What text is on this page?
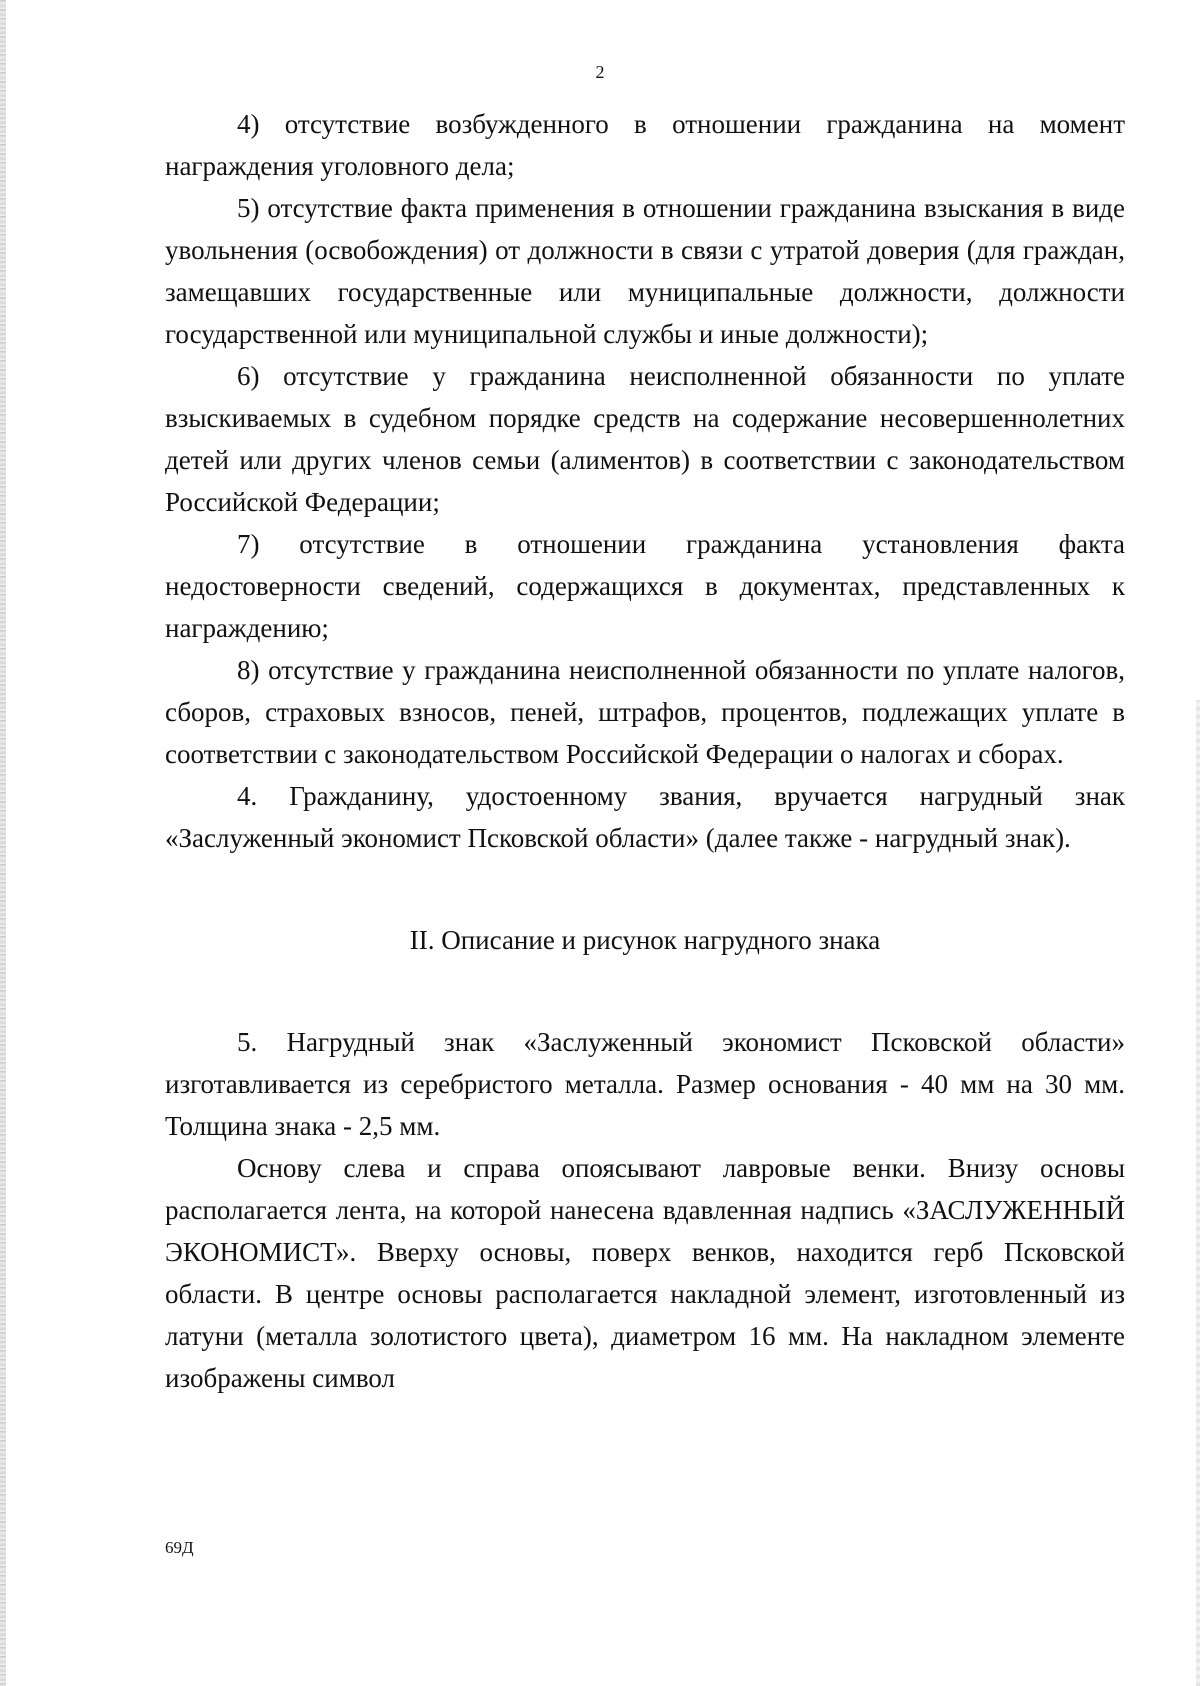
2

4) отсутствие возбужденного в отношении гражданина на момент награждения уголовного дела;

5) отсутствие факта применения в отношении гражданина взыскания в виде увольнения (освобождения) от должности в связи с утратой доверия (для граждан, замещавших государственные или муниципальные должности, должности государственной или муниципальной службы и иные должности);

6) отсутствие у гражданина неисполненной обязанности по уплате взыскиваемых в судебном порядке средств на содержание несовершеннолетних детей или других членов семьи (алиментов) в соответствии с законодательством Российской Федерации;

7) отсутствие в отношении гражданина установления факта недостоверности сведений, содержащихся в документах, представленных к награждению;

8) отсутствие у гражданина неисполненной обязанности по уплате налогов, сборов, страховых взносов, пеней, штрафов, процентов, подлежащих уплате в соответствии с законодательством Российской Федерации о налогах и сборах.

4. Гражданину, удостоенному звания, вручается нагрудный знак «Заслуженный экономист Псковской области» (далее также - нагрудный знак).

II. Описание и рисунок нагрудного знака

5. Нагрудный знак «Заслуженный экономист Псковской области» изготавливается из серебристого металла. Размер основания - 40 мм на 30 мм. Толщина знака - 2,5 мм.

Основу слева и справа опоясывают лавровые венки. Внизу основы располагается лента, на которой нанесена вдавленная надпись «ЗАСЛУЖЕННЫЙ ЭКОНОМИСТ». Вверху основы, поверх венков, находится герб Псковской области. В центре основы располагается накладной элемент, изготовленный из латуни (металла золотистого цвета), диаметром 16 мм. На накладном элементе изображены символ

69Д
